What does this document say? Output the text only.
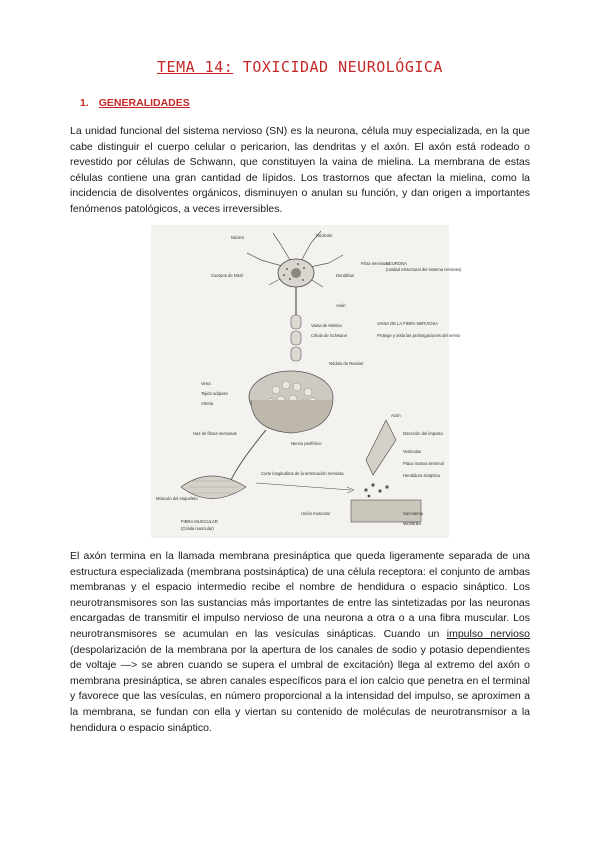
TEMA 14: TOXICIDAD NEUROLÓGICA
1. GENERALIDADES

La unidad funcional del sistema nervioso (SN) es la neurona, célula muy especializada, en la que cabe distinguir el cuerpo celular o pericarion, las dendritas y el axón. El axón está rodeado o revestido por células de Schwann, que constituyen la vaina de mielina. La membrana de estas células contiene una gran cantidad de lípidos. Los trastornos que afectan la mielina, como la incidencia de disolventes orgánicos, disminuyen o anulan su función, y dan origen a importantes fenómenos patológicos, a veces irreversibles.

Núcleo	Núcleolo
Cuerpos de Nissl	Dendritas
Axón
Fibra nerviosa
NEURONA
(unidad estructural del sistema nervioso)
Vaina de Mielina
Célula de Schwann
VAINA DE LA FIBRA NERVIOSA
Protege y aísla las prolongaciones del nervio
Nódulo de Ranvier
Vena
Tejido adiposo
Arteria
Haz de fibras nerviosas
Nervio periférico
Axón
Dirección del impulso
Vesículas
Placa motora terminal
Hendidura sináptica
Sarcolema
Miofibrilla
Corte longitudinal de la terminación nerviosa
Unión muscular
Músculo del esqueleto
FIBRA MUSCULAR
(Célula muscular)

El axón termina en la llamada membrana presináptica que queda ligeramente separada de una estructura especializada (membrana postsináptica) de una célula receptora: el conjunto de ambas membranas y el espacio intermedio recibe el nombre de hendidura o espacio sináptico. Los neurotransmisores son las sustancias más importantes de entre las sintetizadas por las neuronas encargadas de transmitir el impulso nervioso de una neurona a otra o a una fibra muscular. Los neurotransmisores se acumulan en las vesículas sinápticas. Cuando un impulso nervioso (despolarización de la membrana por la apertura de los canales de sodio y potasio dependientes de voltaje —> se abren cuando se supera el umbral de excitación) llega al extremo del axón o membrana presináptica, se abren canales específicos para el ion calcio que penetra en el terminal y favorece que las vesículas, en número proporcional a la intensidad del impulso, se aproximen a la membrana, se fundan con ella y viertan su contenido de moléculas de neurotransmisor a la hendidura o espacio sináptico.
